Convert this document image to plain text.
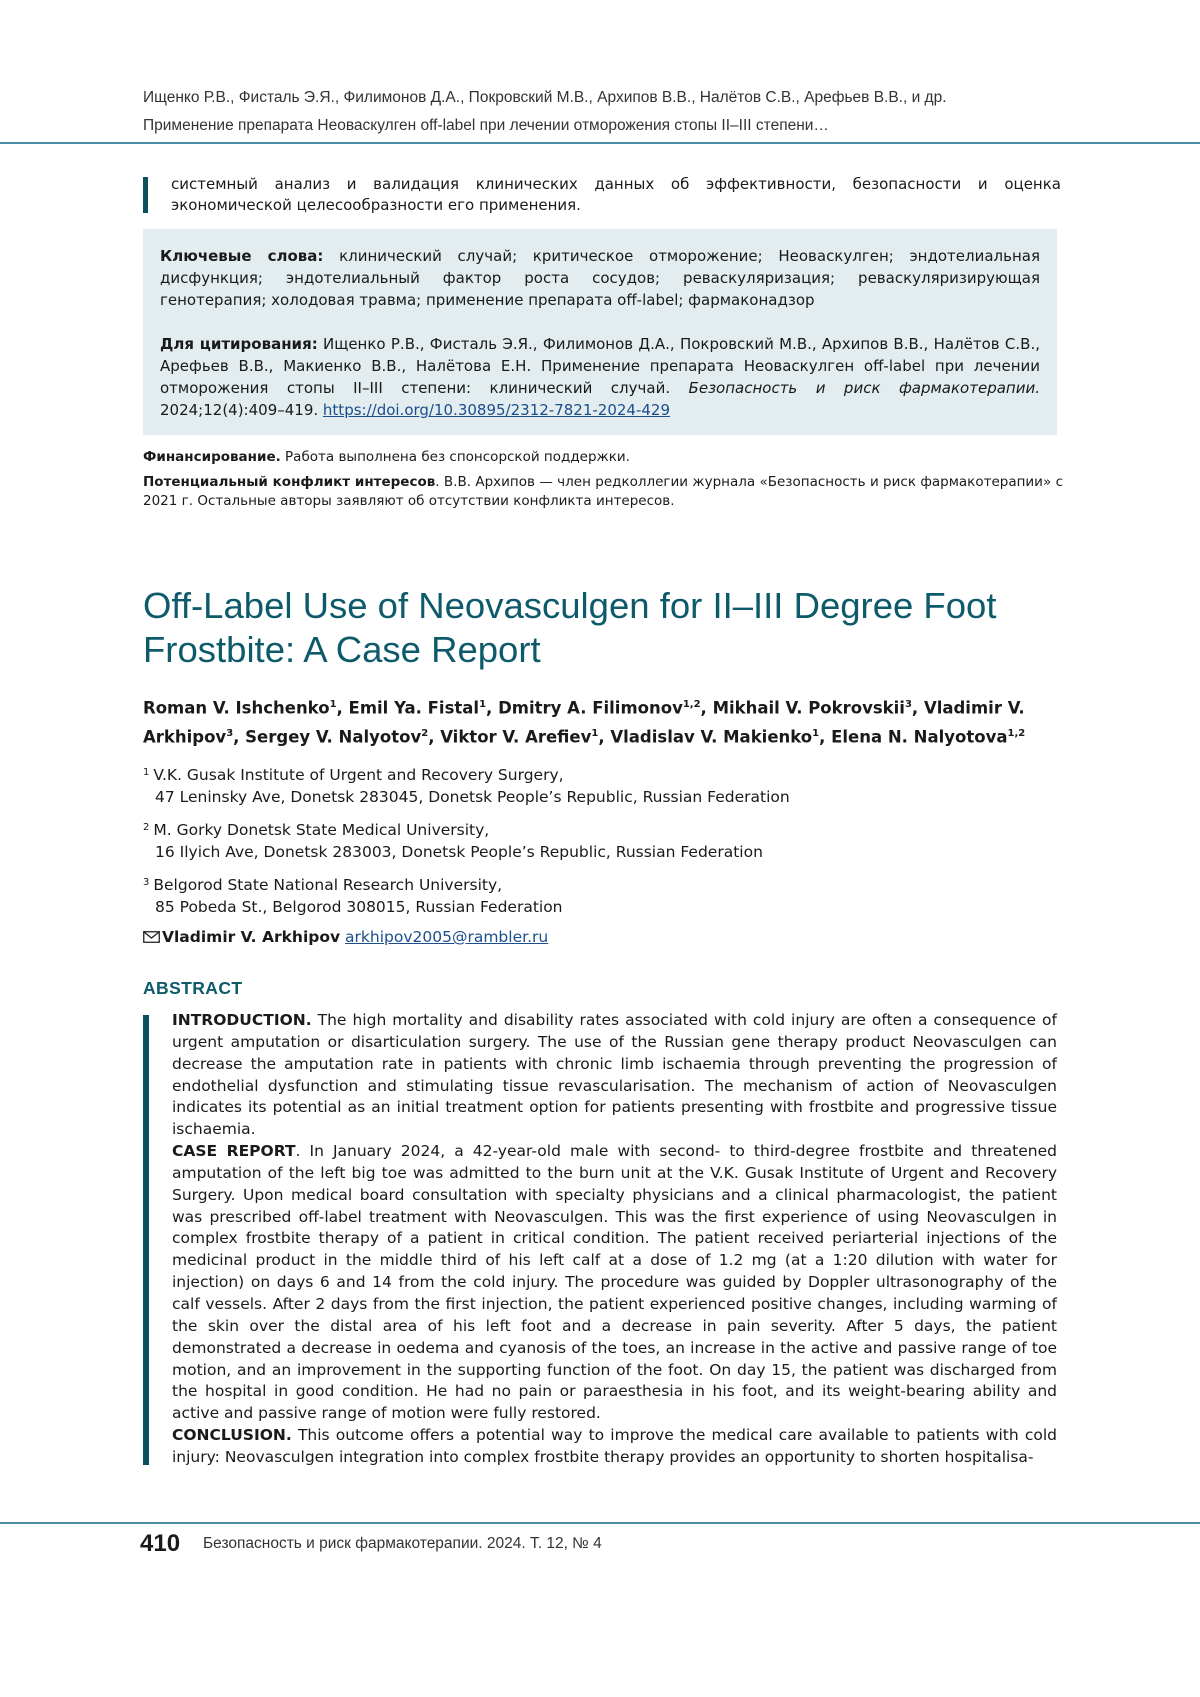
Ищенко Р.В., Фисталь Э.Я., Филимонов Д.А., Покровский М.В., Архипов В.В., Налётов С.В., Арефьев В.В., и др.
Применение препарата Неоваскулген off-label при лечении отморожения стопы II–III степени…
системный анализ и валидация клинических данных об эффективности, безопасности и оценка экономической целесообразности его применения.
Ключевые слова: клинический случай; критическое отморожение; Неоваскулген; эндотелиальная дисфункция; эндотелиальный фактор роста сосудов; реваскуляризация; реваскуляризирующая генотерапия; холодовая травма; применение препарата off-label; фармаконадзор
Для цитирования: Ищенко Р.В., Фисталь Э.Я., Филимонов Д.А., Покровский М.В., Архипов В.В., Налётов С.В., Арефьев В.В., Макиенко В.В., Налётова Е.Н. Применение препарата Неоваскулген off-label при лечении отморожения стопы II–III степени: клинический случай. Безопасность и риск фармакотерапии. 2024;12(4):409–419. https://doi.org/10.30895/2312-7821-2024-429
Финансирование. Работа выполнена без спонсорской поддержки.
Потенциальный конфликт интересов. В.В. Архипов — член редколлегии журнала «Безопасность и риск фармакотерапии» с 2021 г. Остальные авторы заявляют об отсутствии конфликта интересов.
Off-Label Use of Neovasculgen for II–III Degree Foot Frostbite: A Case Report
Roman V. Ishchenko$^1$, Emil Ya. Fistal$^1$, Dmitry A. Filimonov$^{1,2}$, Mikhail V. Pokrovskii$^3$, Vladimir V. Arkhipov$^3$, Sergey V. Nalyotov$^2$, Viktor V. Arefiev$^1$, Vladislav V. Makienko$^1$, Elena N. Nalyotova$^{1,2}$
$^1$ V.K. Gusak Institute of Urgent and Recovery Surgery,
47 Leninsky Ave, Donetsk 283045, Donetsk People’s Republic, Russian Federation
$^2$ M. Gorky Donetsk State Medical University,
16 Ilyich Ave, Donetsk 283003, Donetsk People’s Republic, Russian Federation
$^3$ Belgorod State National Research University,
85 Pobeda St., Belgorod 308015, Russian Federation
Vladimir V. Arkhipov arkhipov2005@rambler.ru
ABSTRACT

INTRODUCTION. The high mortality and disability rates associated with cold injury are often a consequence of urgent amputation or disarticulation surgery. The use of the Russian gene therapy product Neovasculgen can decrease the amputation rate in patients with chronic limb ischaemia through preventing the progression of endothelial dysfunction and stimulating tissue revascularisation. The mechanism of action of Neovasculgen indicates its potential as an initial treatment option for patients presenting with frostbite and progressive tissue ischaemia.

CASE REPORT. In January 2024, a 42-year-old male with second- to third-degree frostbite and threatened amputation of the left big toe was admitted to the burn unit at the V.K. Gusak Institute of Urgent and Recovery Surgery. Upon medical board consultation with specialty physicians and a clinical pharmacologist, the patient was prescribed off-label treatment with Neovasculgen. This was the first experience of using Neovasculgen in complex frostbite therapy of a patient in critical condition. The patient received periarterial injections of the medicinal product in the middle third of his left calf at a dose of 1.2 mg (at a 1:20 dilution with water for injection) on days 6 and 14 from the cold injury. The procedure was guided by Doppler ultrasonography of the calf vessels. After 2 days from the first injection, the patient experienced positive changes, including warming of the skin over the distal area of his left foot and a decrease in pain severity. After 5 days, the patient demonstrated a decrease in oedema and cyanosis of the toes, an increase in the active and passive range of toe motion, and an improvement in the supporting function of the foot. On day 15, the patient was discharged from the hospital in good condition. He had no pain or paraesthesia in his foot, and its weight-bearing ability and active and passive range of motion were fully restored.

CONCLUSION. This outcome offers a potential way to improve the medical care available to patients with cold injury: Neovasculgen integration into complex frostbite therapy provides an opportunity to shorten hospitalisa-

410 Безопасность и риск фармакотерапии. 2024. Т. 12, № 4
